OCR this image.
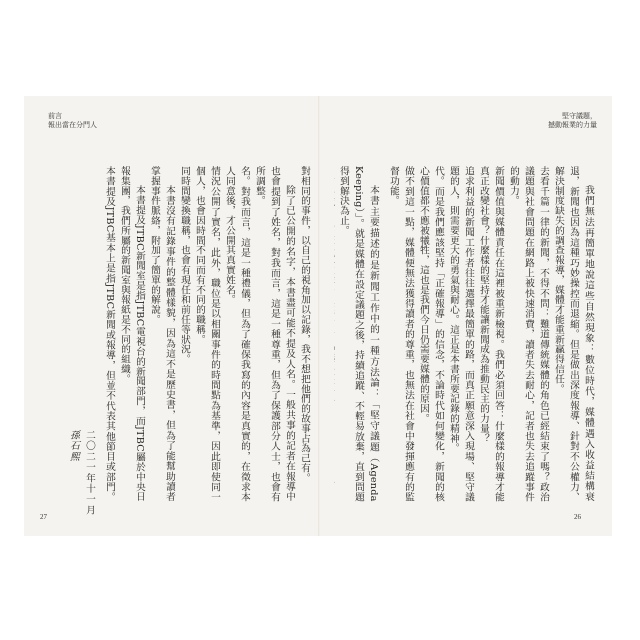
前言
報出當在分門人
堅守議題，
撼動報業的力量
我們無法再簡單地說這些自然現象：數位時代，媒體遇入收益結構衰退，新聞也因為這種巧妙操控而退縮。但是做出深度報導、針對不公權力、解決制度缺失的調查報導，媒體才能重新贏得信任。
去看千篇一律的新聞，不得不問：難道傳統媒體的角色已經結束了嗎？政治議題與社會問題在網路上被快速消費，讀者失去耐心，記者也失去追蹤事件的動力。
新聞價值與媒體責任在這裡被重新檢視。我們必須回答：什麼樣的報導才能真正改變社會？什麼樣的堅持才能讓新聞成為推動民主的力量？
追求利益的新聞工作者往往選擇最簡單的路，而真正願意深入現場、堅守議題的人，則需要更大的勇氣與耐心。這正是本書所要記錄的精神。
代。而是我們應該堅持「正確報導」的信念，不論時代如何變化，新聞的核心價值都不應被犧牲，這也是我們今日仍需要媒體的原因。
做不到這一點，媒體便無法獲得讀者的尊重，也無法在社會中發揮應有的監督功能。
本書主要描述的是新聞工作中的一種方法論：「堅守議題（Agenda Keeping）」。就是媒體在設定議題之後，持續追蹤、不輕易放棄，直到問題得到解決為止。
對相同的事件，以自己的視角加以記錄，我不想把他們的故事占為己有。
除了已公開的名字，本書盡可能不提及人名。一般共事的記者在報導中也會提到了姓名，對我而言，這是一種尊重，但為了保護部分人士，也會有所調整。
名。對我而言，這是一種禮儀，但為了確保我寫的內容是真實的，在徵求本人同意後，才公開其真實姓名。
情況公開了實名，此外，職位是以相關事件的時間點為基準，因此即使同一個人，也會因時間不同而有不同的職稱。
同時間變換職稱，也會有現任和前任等狀況。
本書沒有記錄事件的整體樣貌，因為這不是歷史書，但為了能幫助讀者掌握事件脈絡，附加了簡單的解說。
本書提及JTBC新聞室是指JTBC電視台的新聞部門，而JTBC屬於中央日報集團，我們所屬的新聞室與報紙是不同的組織。
本書提及JTBC基本上是指JTBC新聞或報導，但並不代表其他節目或部門。
二〇二一年十一月
孫石熙
27	26
